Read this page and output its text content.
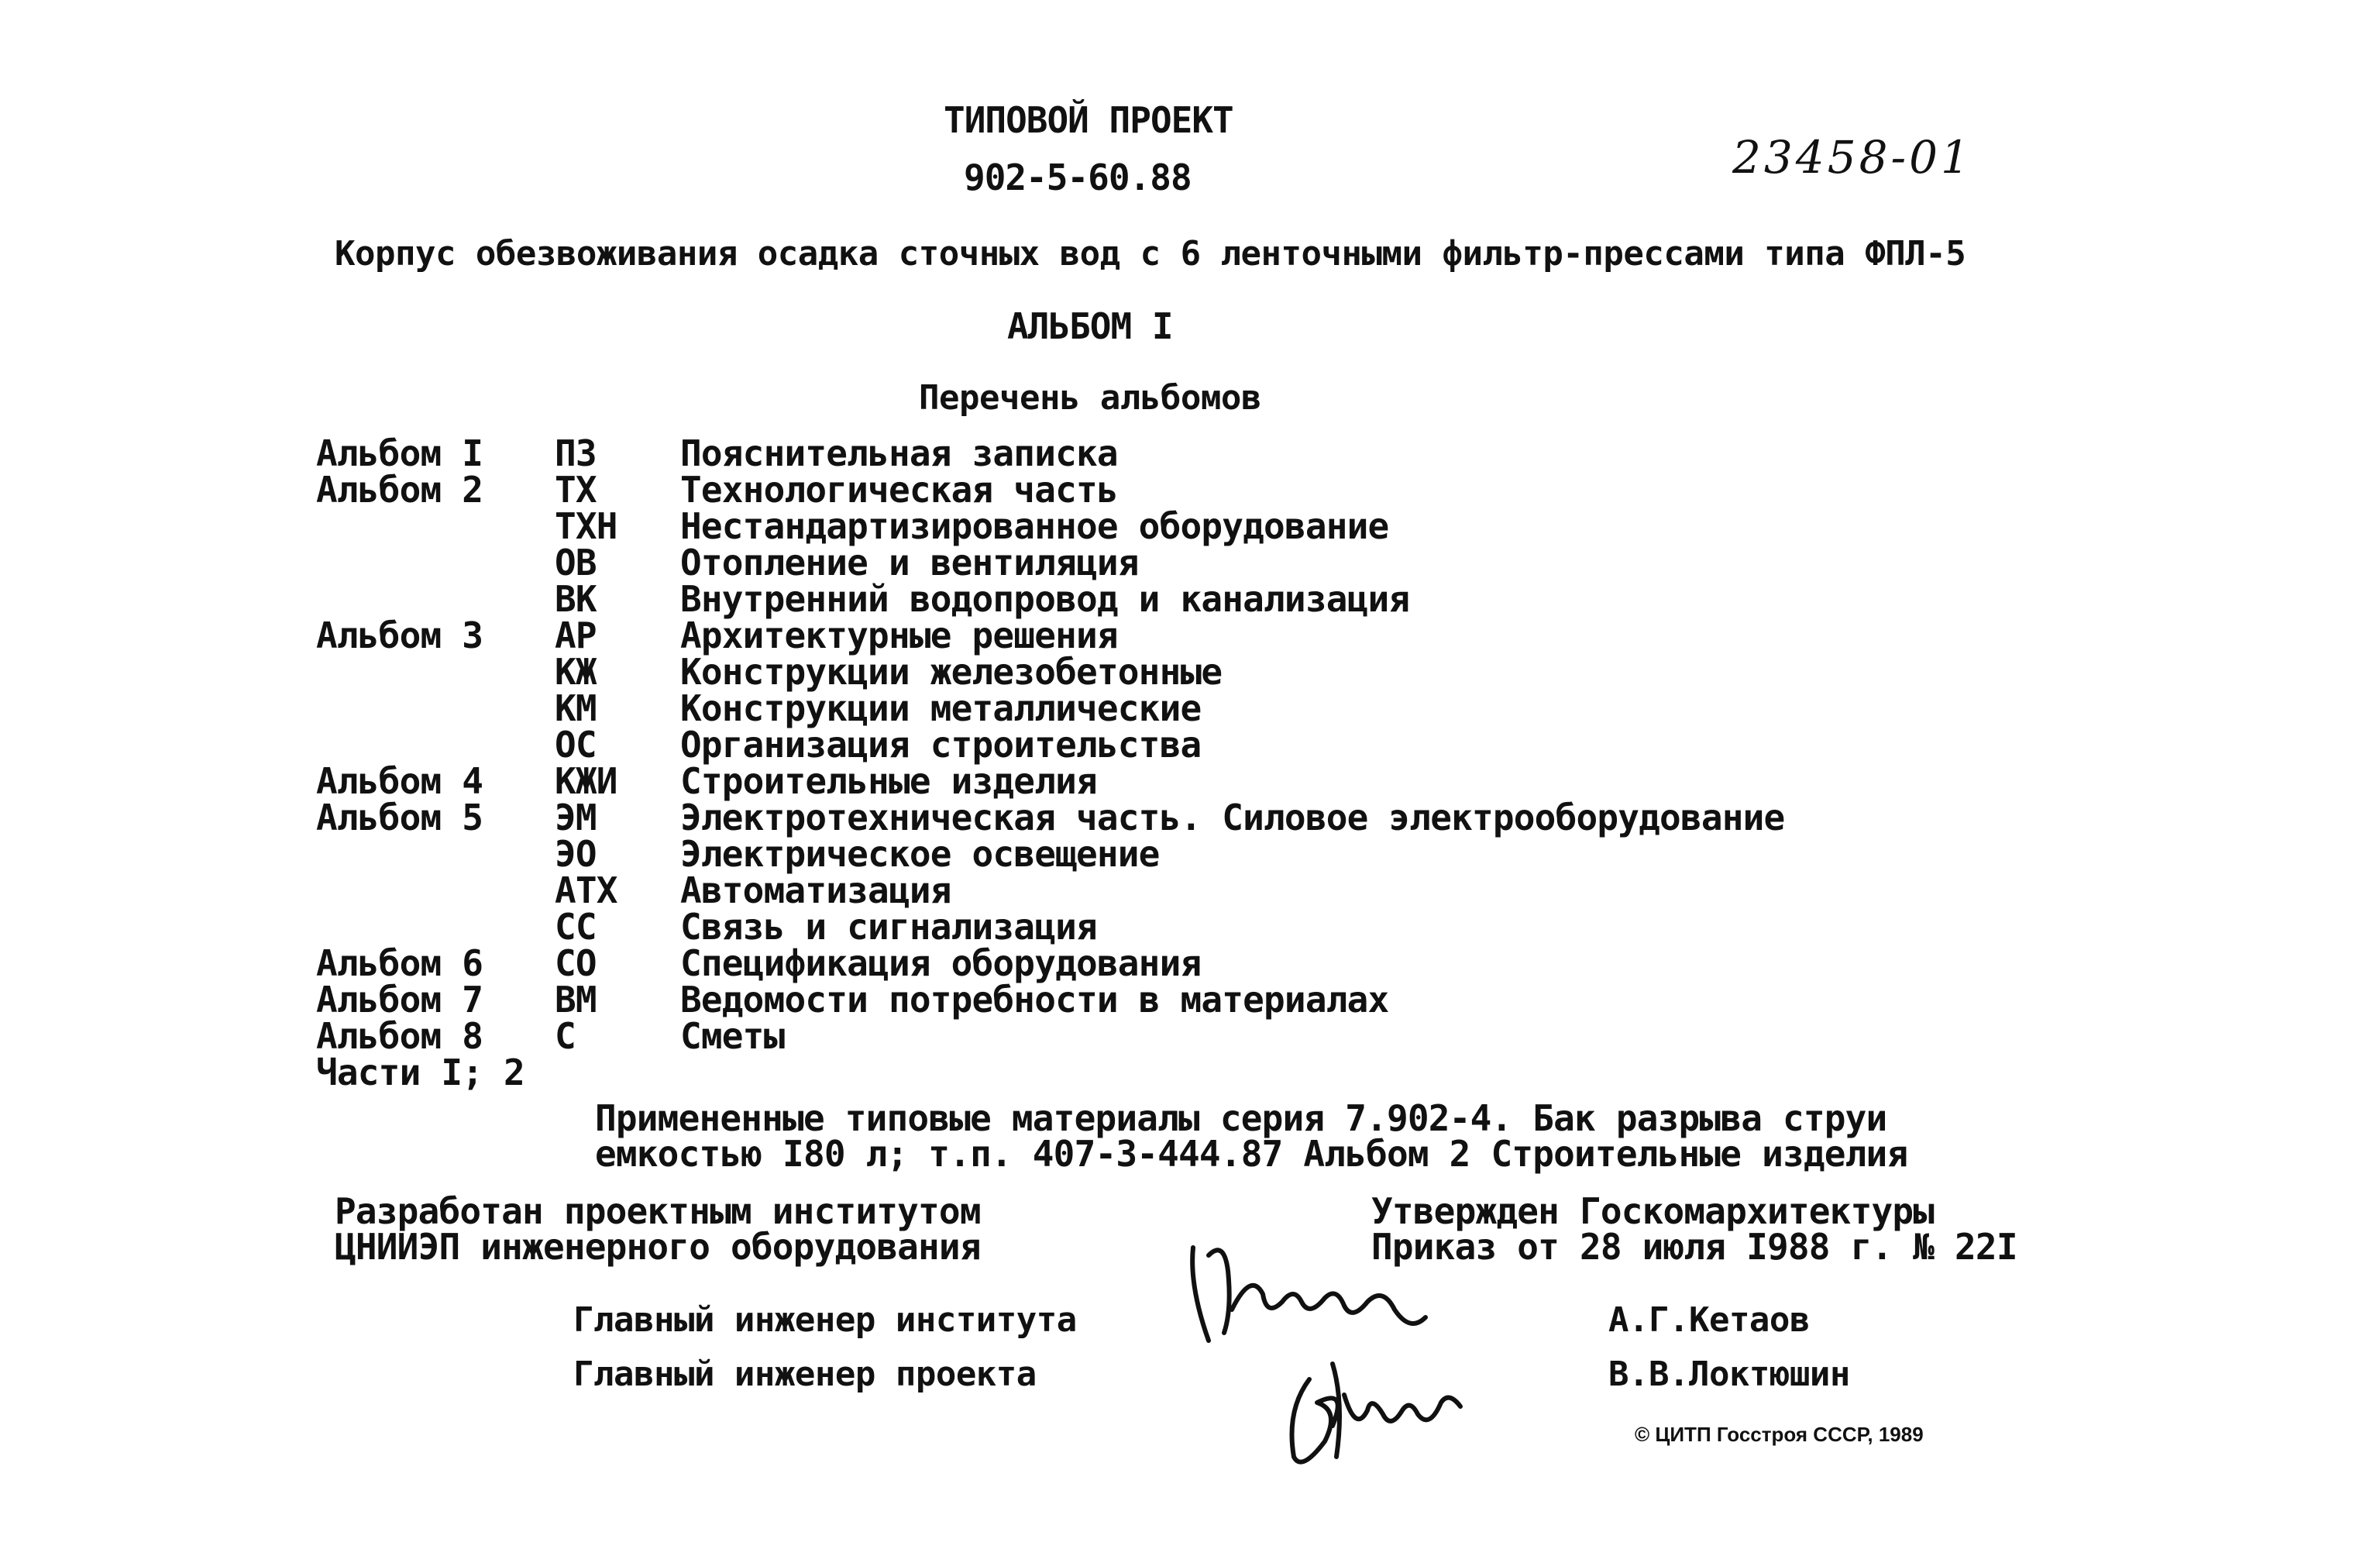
ТИПОВОЙ ПРОЕКТ
902-5-60.88	23458-01
Корпус обезвоживания осадка сточных вод с 6 ленточными фильтр-прессами типа ФПЛ-5
АЛЬБОМ I
Перечень альбомов
Альбом I ПЗ Пояснительная записка
Альбом 2 ТХ Технологическая часть
ТХН Нестандартизированное оборудование
ОВ Отопление и вентиляция
ВК Внутренний водопровод и канализация
Альбом 3 АР Архитектурные решения
КЖ Конструкции железобетонные
КМ Конструкции металлические
ОС Организация строительства
Альбом 4 КЖИ Строительные изделия
Альбом 5 ЭМ Электротехническая часть. Силовое электрооборудование
ЭО Электрическое освещение
АТХ Автоматизация
СС Связь и сигнализация
Альбом 6 СО Спецификация оборудования
Альбом 7 ВМ Ведомости потребности в материалах
Альбом 8 С	Сметы
Части I; 2
Примененные типовые материалы серия 7.902-4. Бак разрыва струи
емкостью I80 л; т.п. 407-3-444.87 Альбом 2 Строительные изделия
Разработан проектным институтом
ЦНИИЭП инженерного оборудования
Утвержден Госкомархитектуры
Приказ от 28 июля I988 г. № 22I
Главный инженер института	А.Г.Кетаов
Главный инженер проекта	В.В.Локтюшин
© ЦИТП Госстроя СССР, 1989
